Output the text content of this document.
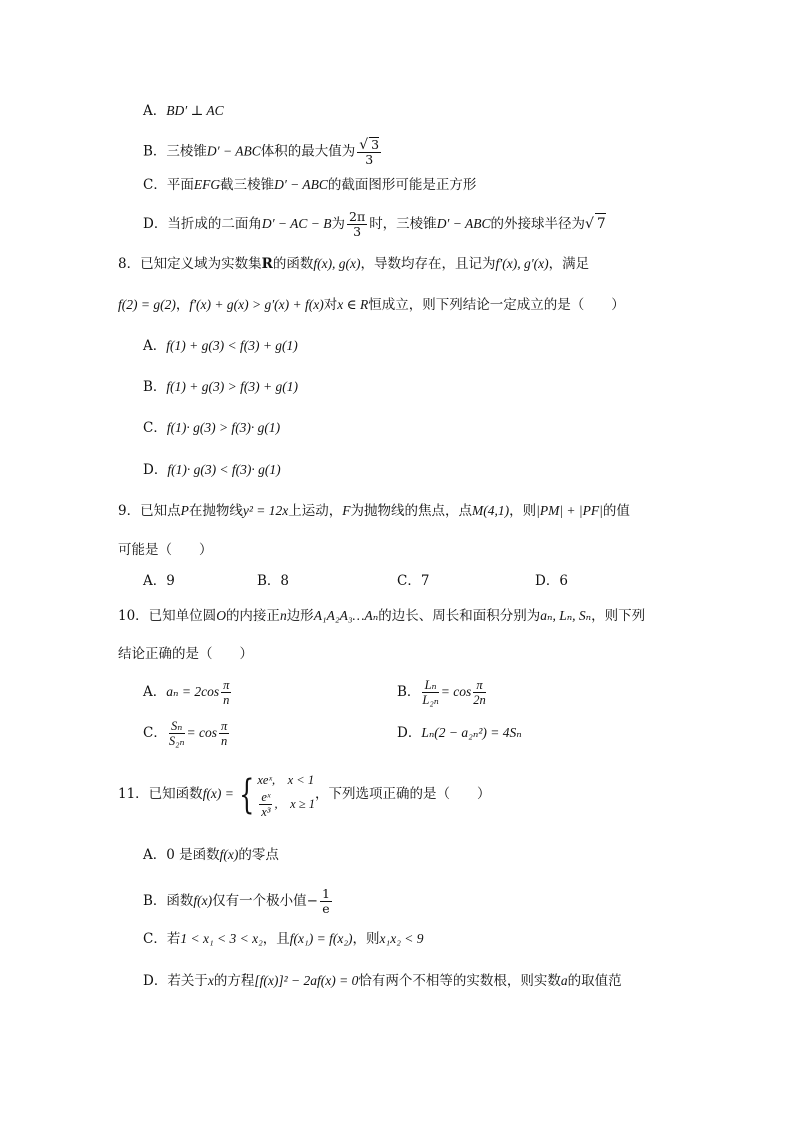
A．BD′ ⊥ AC
B．三棱锥D′ − ABC体积的最大值为 $\frac{√ 3}{3}$
C．平面EFG截三棱锥D′ − ABC的截面图形可能是正方形
D．当折成的二面角D′ − AC − B为 $\frac{2\pi}{3}$ 时，三棱锥D′ − ABC的外接球半径为√ 7
8．已知定义域为实数集R的函数f(x), g(x)，导数均存在，且记为f′(x), g′(x)，满足
f(2) = g(2)，f′(x) + g(x) > g′(x) + f(x)对x ∈ R恒成立，则下列结论一定成立的是（　　）
A．f(1) + g(3) < f(3) + g(1)
B．f(1) + g(3) > f(3) + g(1)
C．f(1)· g(3) > f(3)· g(1)
D．f(1)· g(3) < f(3)· g(1)
9．已知点P在抛物线y² = 12x上运动，F为抛物线的焦点，点M(4,1)，则|PM| + |PF|的值
可能是（　　）
A．9	B．8	C．7	D．6
10．已知单位圆O的内接正n边形A₁A₂A₃…Aₙ的边长、周长和面积分别为aₙ, Lₙ, Sₙ，则下列
结论正确的是（　　）
A．$a_n = 2\cos \frac{\pi}{n}$	B． $\frac{\text{Lₙ}}{\text{L₂ₙ}} = \cos \frac{\pi}{2n}$
C． $\frac{\text{Sₙ}}{\text{S₂ₙ}} = \cos \frac{\pi}{n}$	D．Lₙ(2 − a₂ₙ²) = 4Sₙ
11．已知函数f(x) = { xeˣ,　x < 1
$\frac{\text{eˣ}}{\text{x³}}$ ,　x ≥ 1
，下列选项正确的是（　　）
A．0 是函数f(x)的零点
B．函数f(x)仅有一个极小值− $\frac{1}{e}$
C．若1 < x₁ < 3 < x₂，且f(x₁) = f(x₂)，则x₁x₂ < 9
D．若关于x的方程[f(x)]² − 2af(x) = 0恰有两个不相等的实数根，则实数a的取值范
